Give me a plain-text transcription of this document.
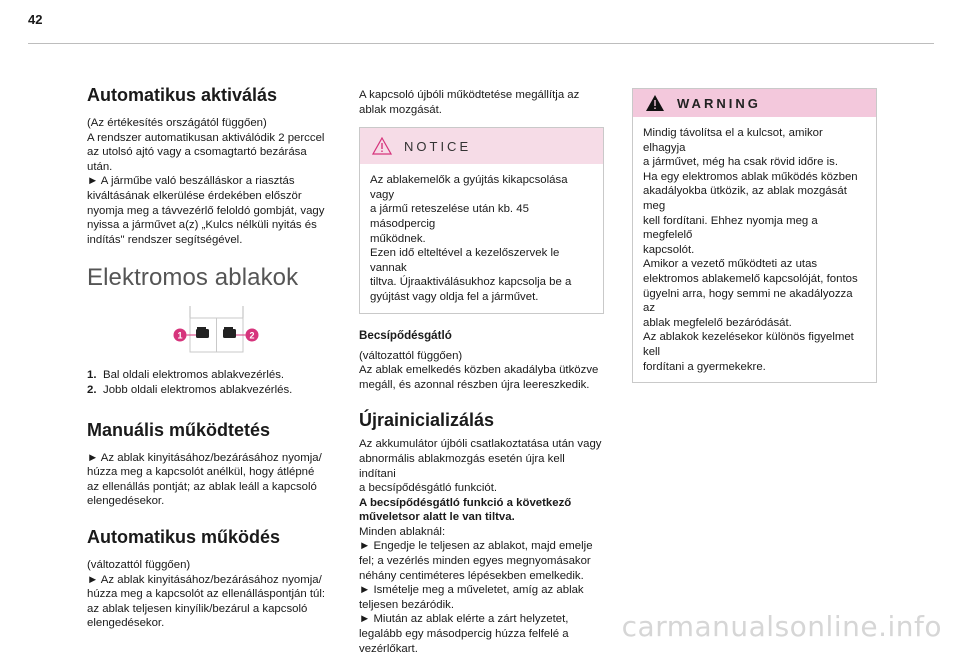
42
Automatikus aktiválás

(Az értékesítés országától függően)

A rendszer automatikusan aktiválódik 2 perccel

az utolsó ajtó vagy a csomagtartó bezárása

után.

► A járműbe való beszálláskor a riasztás

kiváltásának elkerülése érdekében először

nyomja meg a távvezérlő feloldó gombját, vagy

nyissa a járművet a(z) „Kulcs nélküli nyitás és

indítás" rendszer segítségével.

Elektromos ablakok
1	2

1. Bal oldali elektromos ablakvezérlés.

2. Jobb oldali elektromos ablakvezérlés.

Manuális működtetés

► Az ablak kinyitásához/bezárásához nyomja/

húzza meg a kapcsolót anélkül, hogy átlépné

az ellenállás pontját; az ablak leáll a kapcsoló

elengedésekor.

Automatikus működés

(változattól függően)

► Az ablak kinyitásához/bezárásához nyomja/

húzza meg a kapcsolót az ellenálláspontján túl:

az ablak teljesen kinyílik/bezárul a kapcsoló

elengedésekor.

A kapcsoló újbóli működtetése megállítja az

ablak mozgását.

NOTICE

Az ablakemelők a gyújtás kikapcsolása vagy

a jármű reteszelése után kb. 45 másodpercig

működnek.

Ezen idő elteltével a kezelőszervek le vannak

tiltva. Újraaktiválásukhoz kapcsolja be a

gyújtást vagy oldja fel a járművet.

Becsípődésgátló

(változattól függően)

Az ablak emelkedés közben akadályba ütközve

megáll, és azonnal részben újra leereszkedik.

Újrainicializálás

Az akkumulátor újbóli csatlakoztatása után vagy

abnormális ablakmozgás esetén újra kell indítani

a becsípődésgátló funkciót.

A becsípődésgátló funkció a következő

műveletsor alatt le van tiltva.

Minden ablaknál:

► Engedje le teljesen az ablakot, majd emelje

fel; a vezérlés minden egyes megnyomásakor

néhány centiméteres lépésekben emelkedik.

► Ismételje meg a műveletet, amíg az ablak

teljesen bezáródik.

► Miután az ablak elérte a zárt helyzetet,

legalább egy másodpercig húzza felfelé a

vezérlőkart.

WARNING

Mindig távolítsa el a kulcsot, amikor elhagyja

a járművet, még ha csak rövid időre is.

Ha egy elektromos ablak működés közben

akadályokba ütközik, az ablak mozgását meg

kell fordítani. Ehhez nyomja meg a megfelelő

kapcsolót.

Amikor a vezető működteti az utas

elektromos ablakemelő kapcsolóját, fontos

ügyelni arra, hogy semmi ne akadályozza az

ablak megfelelő bezáródását.

Az ablakok kezelésekor különös figyelmet kell

fordítani a gyermekekre.

carmanualsonline.info
